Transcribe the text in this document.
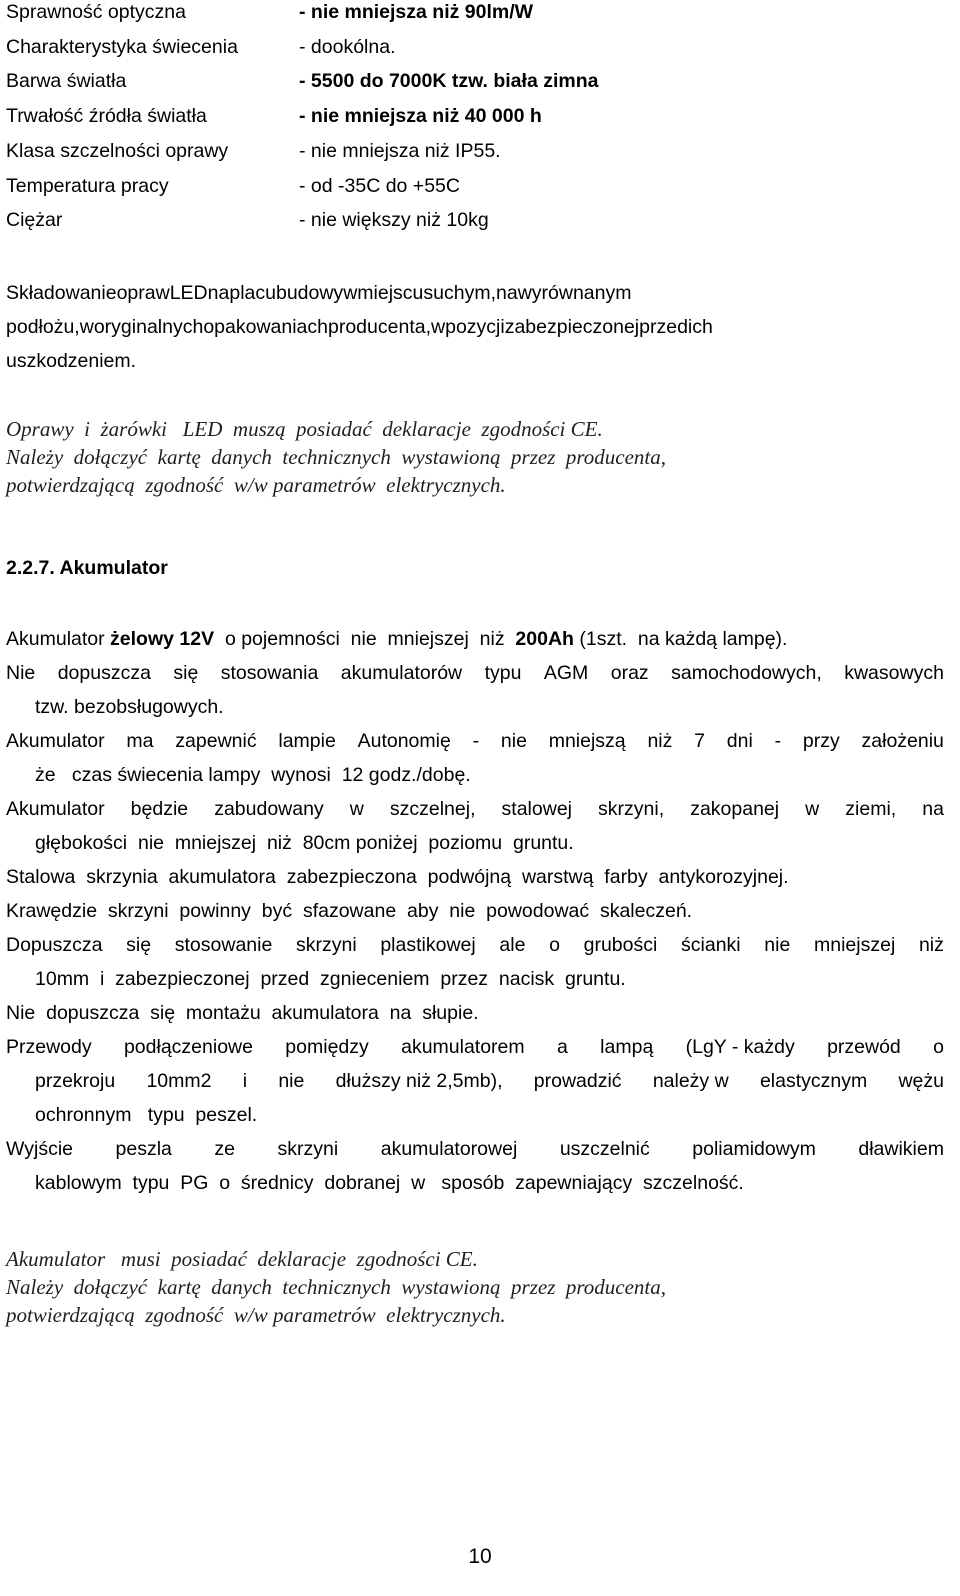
Sprawność optyczna	- nie mniejsza niż 90lm/W
Charakterystyka świecenia	- dookólna.
Barwa światła	- 5500 do 7000K tzw. biała zimna
Trwałość źródła światła	- nie mniejsza niż 40 000 h
Klasa szczelności oprawy	- nie mniejsza niż IP55.
Temperatura pracy	- od -35C do +55C
Ciężar	- nie większy niż 10kg
SkładowanieoprawLEDnaplacubudowywmiejscusuchym,nawyrównanym
podłożu,woryginalnychopakowaniachproducenta,wpozycjizabezpieczonejprzedich
uszkodzeniem.
Oprawy  i  żarówki   LED  muszą  posiadać  deklaracje  zgodności CE.
Należy  dołączyć  kartę  danych  technicznych  wystawioną  przez  producenta,
potwierdzającą  zgodność  w/w parametrów  elektrycznych.
2.2.7. Akumulator
Akumulator żelowy 12V  o pojemności  nie  mniejszej  niż  200Ah (1szt.  na każdą lampę).
Nie dopuszcza się stosowania akumulatorów typu AGM oraz samochodowych, kwasowych
tzw. bezobsługowych.
Akumulator ma zapewnić lampie Autonomię - nie mniejszą niż 7 dni - przy założeniu
że   czas świecenia lampy  wynosi  12 godz./dobę.
Akumulator będzie zabudowany w szczelnej, stalowej skrzyni, zakopanej w ziemi, na
głębokości  nie  mniejszej  niż  80cm poniżej  poziomu  gruntu.
Stalowa  skrzynia  akumulatora  zabezpieczona  podwójną  warstwą  farby  antykorozyjnej.
Krawędzie  skrzyni  powinny  być  sfazowane  aby  nie  powodować  skaleczeń.
Dopuszcza się stosowanie skrzyni plastikowej ale o grubości ścianki nie mniejszej niż
10mm  i  zabezpieczonej  przed  zgnieceniem  przez  nacisk  gruntu.
Nie  dopuszcza  się  montażu  akumulatora  na  słupie.
Przewody podłączeniowe pomiędzy akumulatorem a lampą (LgY - każdy przewód o
przekroju 10mm2 i nie dłuższy niż 2,5mb), prowadzić należy w elastycznym wężu
ochronnym   typu  peszel.
Wyjście peszla ze skrzyni akumulatorowej uszczelnić poliamidowym dławikiem
kablowym  typu  PG  o  średnicy  dobranej  w   sposób  zapewniający  szczelność.
Akumulator   musi  posiadać  deklaracje  zgodności CE.
Należy  dołączyć  kartę  danych  technicznych  wystawioną  przez  producenta,
potwierdzającą  zgodność  w/w parametrów  elektrycznych.
10
